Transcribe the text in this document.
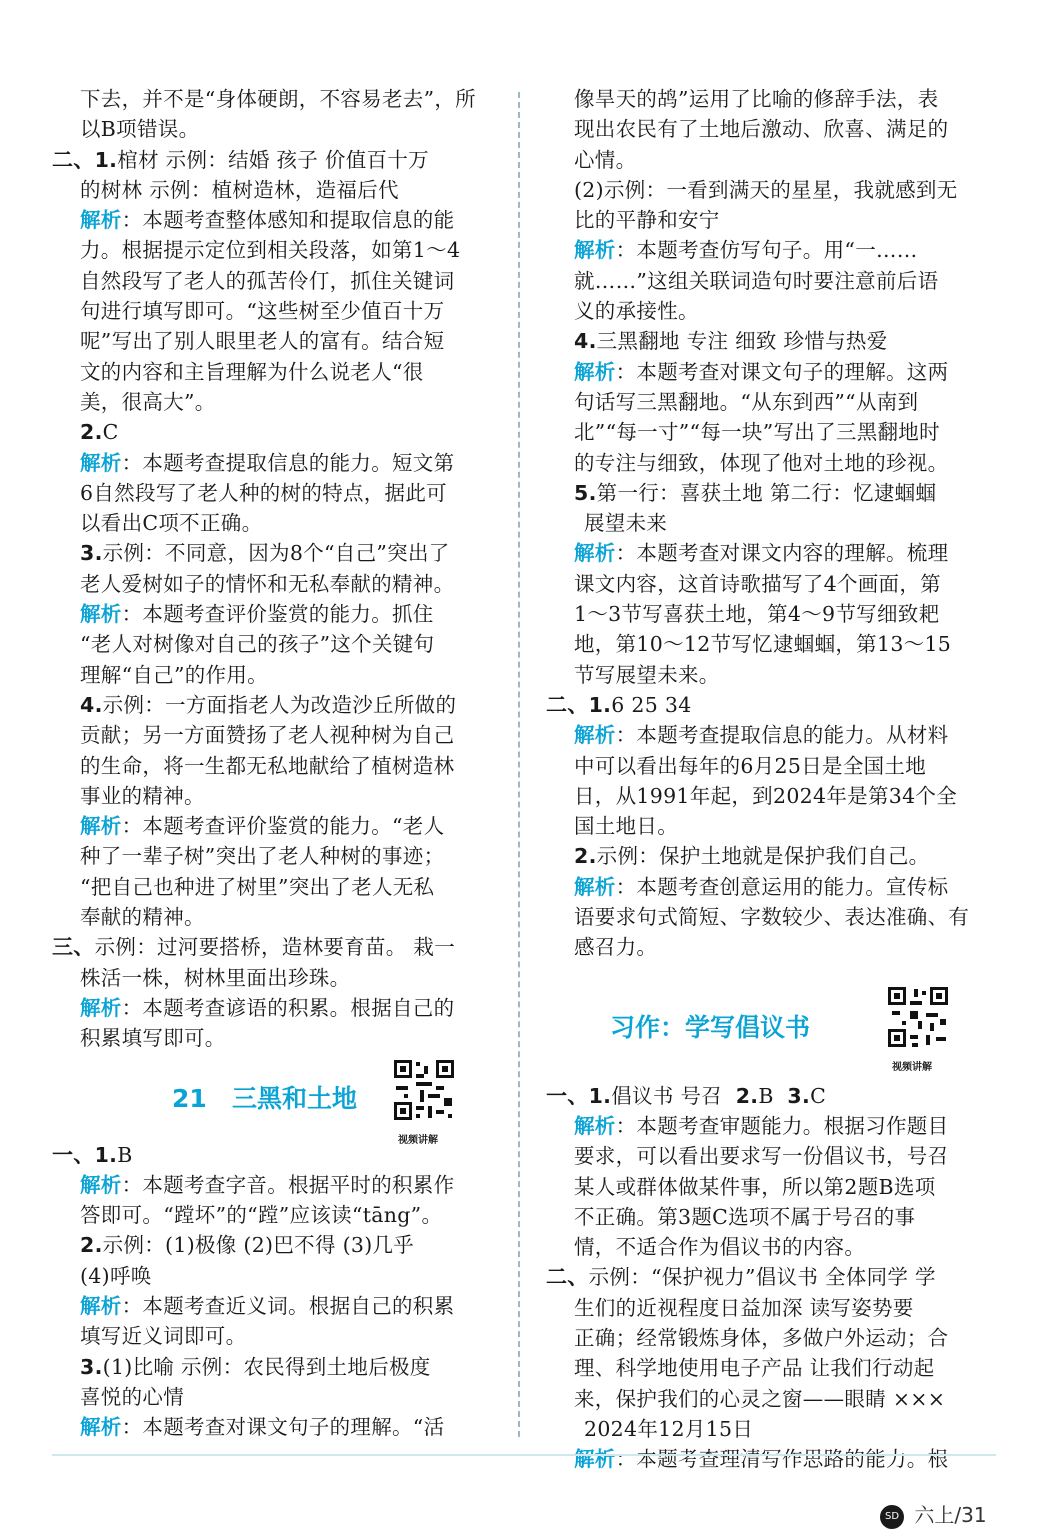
下去，并不是“身体硬朗，不容易老去”，所
以B项错误。
二、1.棺材 示例：结婚 孩子 价值百十万
的树林 示例：植树造林，造福后代
解析：本题考查整体感知和提取信息的能
力。根据提示定位到相关段落，如第1～4
自然段写了老人的孤苦伶仃，抓住关键词
句进行填写即可。“这些树至少值百十万
呢”写出了别人眼里老人的富有。结合短
文的内容和主旨理解为什么说老人“很
美，很高大”。
2.C
解析：本题考查提取信息的能力。短文第
6自然段写了老人种的树的特点，据此可
以看出C项不正确。
3.示例：不同意，因为8个“自己”突出了
老人爱树如子的情怀和无私奉献的精神。
解析：本题考查评价鉴赏的能力。抓住
“老人对树像对自己的孩子”这个关键句
理解“自己”的作用。
4.示例：一方面指老人为改造沙丘所做的
贡献；另一方面赞扬了老人视种树为自己
的生命，将一生都无私地献给了植树造林
事业的精神。
解析：本题考查评价鉴赏的能力。“老人
种了一辈子树”突出了老人种树的事迹；
“把自己也种进了树里”突出了老人无私
奉献的精神。
三、示例：过河要搭桥，造林要育苗。 栽一
株活一株，树林里面出珍珠。
解析：本题考查谚语的积累。根据自己的
积累填写即可。
21 三黑和土地
视频讲解
一、1.B
解析：本题考查字音。根据平时的积累作
答即可。“蹚坏”的“蹚”应该读“tāng”。
2.示例：(1)极像 (2)巴不得 (3)几乎
(4)呼唤
解析：本题考查近义词。根据自己的积累
填写近义词即可。
3.(1)比喻 示例：农民得到土地后极度
喜悦的心情
解析：本题考查对课文句子的理解。“活
像旱天的鸪”运用了比喻的修辞手法，表
现出农民有了土地后激动、欣喜、满足的
心情。
(2)示例：一看到满天的星星，我就感到无
比的平静和安宁
解析：本题考查仿写句子。用“一……
就……”这组关联词造句时要注意前后语
义的承接性。
4.三黑翻地 专注 细致 珍惜与热爱
解析：本题考查对课文句子的理解。这两
句话写三黑翻地。“从东到西”“从南到
北”“每一寸”“每一块”写出了三黑翻地时
的专注与细致，体现了他对土地的珍视。
5.第一行：喜获土地 第二行：忆逮蝈蝈
展望未来
解析：本题考查对课文内容的理解。梳理
课文内容，这首诗歌描写了4个画面，第
1～3节写喜获土地，第4～9节写细致耙
地，第10～12节写忆逮蝈蝈，第13～15
节写展望未来。
二、1.6 25 34
解析：本题考查提取信息的能力。从材料
中可以看出每年的6月25日是全国土地
日，从1991年起，到2024年是第34个全
国土地日。
2.示例：保护土地就是保护我们自己。
解析：本题考查创意运用的能力。宣传标
语要求句式简短、字数较少、表达准确、有
感召力。
习作：学写倡议书
视频讲解
一、1.倡议书 号召 2.B 3.C
解析：本题考查审题能力。根据习作题目
要求，可以看出要求写一份倡议书，号召
某人或群体做某件事，所以第2题B选项
不正确。第3题C选项不属于号召的事
情，不适合作为倡议书的内容。
二、示例：“保护视力”倡议书 全体同学 学
生们的近视程度日益加深 读写姿势要
正确；经常锻炼身体，多做户外运动；合
理、科学地使用电子产品 让我们行动起
来，保护我们的心灵之窗——眼睛 ×××
2024年12月15日
解析：本题考查理清写作思路的能力。根
SD 六上/31
